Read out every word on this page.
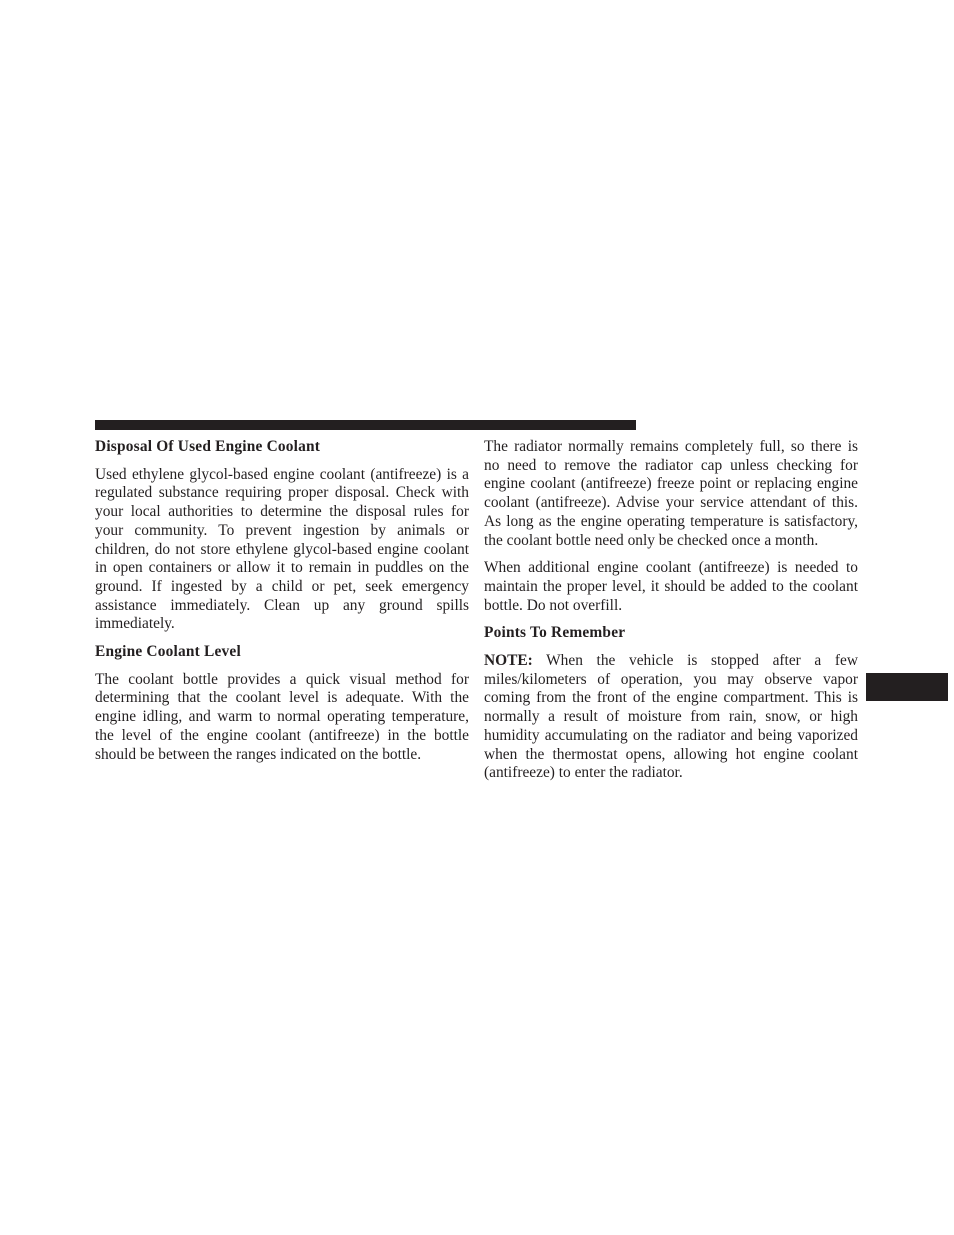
Disposal Of Used Engine Coolant

Used ethylene glycol-based engine coolant (antifreeze) is a regulated substance requiring proper disposal. Check with your local authorities to determine the disposal rules for your community. To prevent ingestion by animals or children, do not store ethylene glycol-based engine coolant in open containers or allow it to remain in puddles on the ground. If ingested by a child or pet, seek emergency assistance immediately. Clean up any ground spills immediately.

Engine Coolant Level

The coolant bottle provides a quick visual method for determining that the coolant level is adequate. With the engine idling, and warm to normal operating temperature, the level of the engine coolant (antifreeze) in the bottle should be between the ranges indicated on the bottle.

The radiator normally remains completely full, so there is no need to remove the radiator cap unless checking for engine coolant (antifreeze) freeze point or replacing engine coolant (antifreeze). Advise your service attendant of this. As long as the engine operating temperature is satisfactory, the coolant bottle need only be checked once a month.

When additional engine coolant (antifreeze) is needed to maintain the proper level, it should be added to the coolant bottle. Do not overfill.

Points To Remember

NOTE: When the vehicle is stopped after a few miles/kilometers of operation, you may observe vapor coming from the front of the engine compartment. This is normally a result of moisture from rain, snow, or high humidity accumulating on the radiator and being vaporized when the thermostat opens, allowing hot engine coolant (antifreeze) to enter the radiator.
